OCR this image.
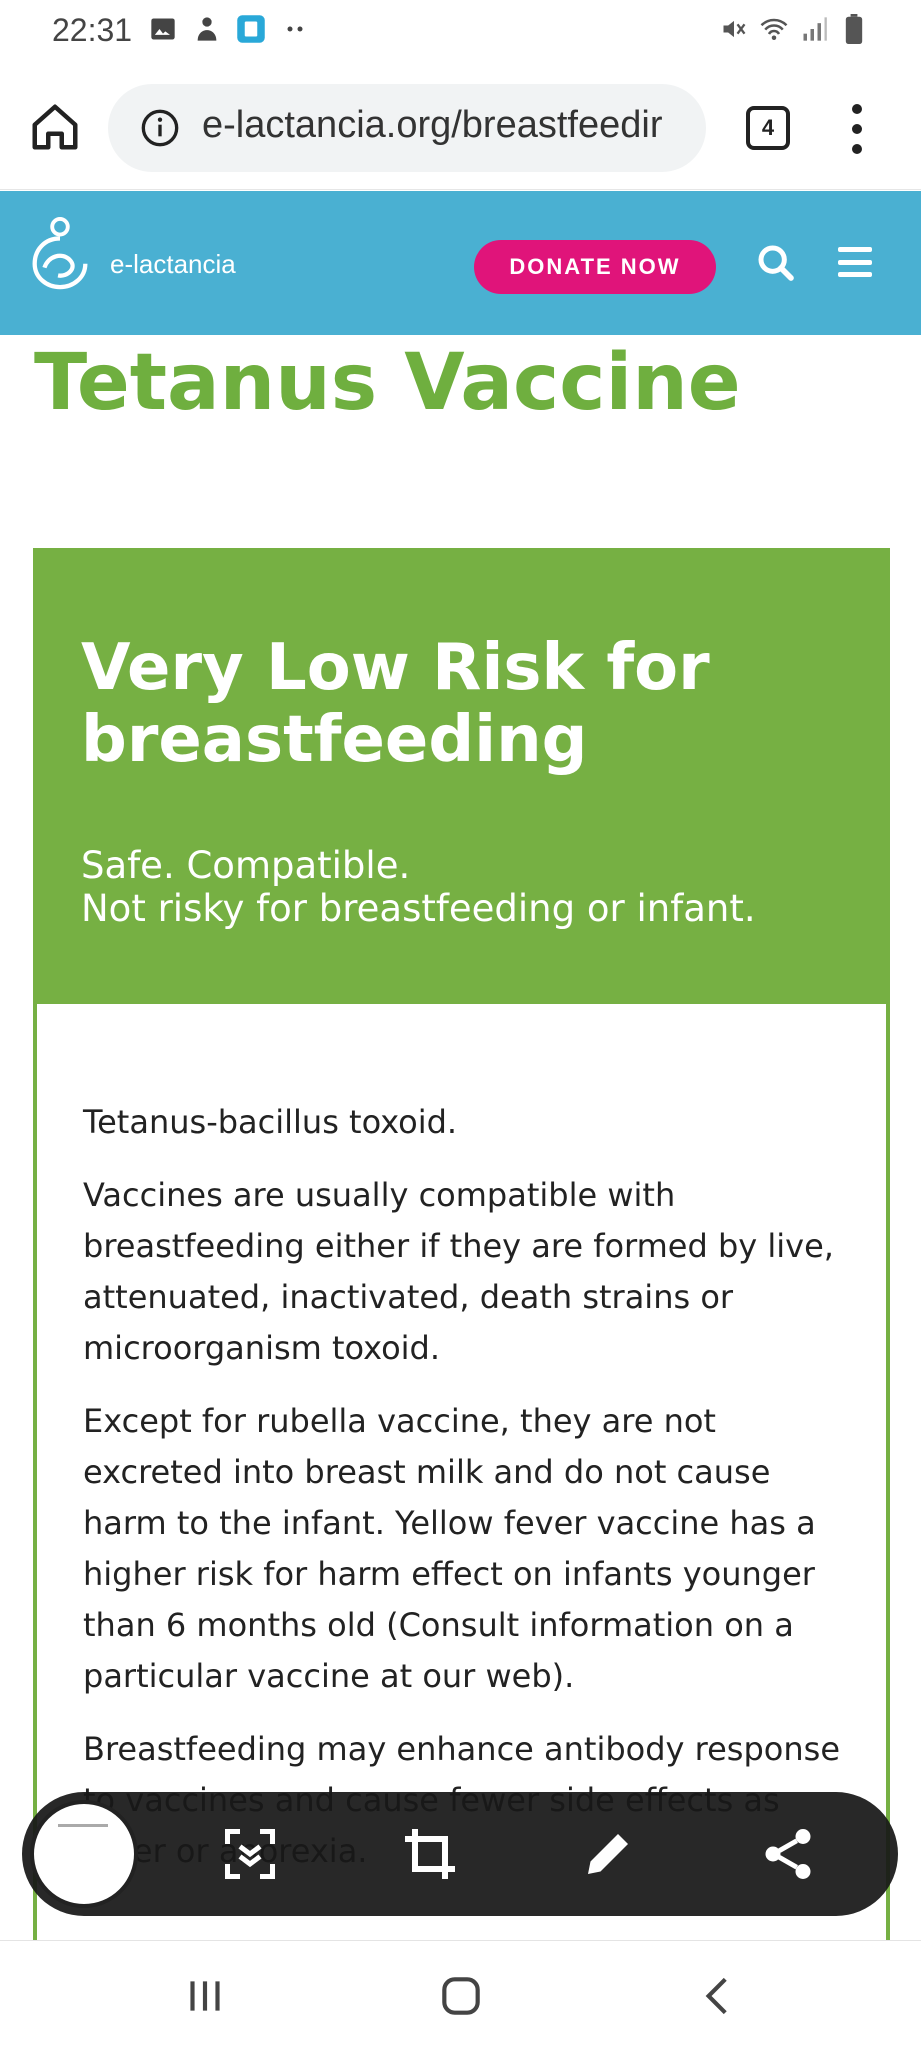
22:31
e-lactancia.org/breastfeedir	4
e-lactancia	DONATE NOW
Tetanus Vaccine
Very Low Risk for breastfeeding
Safe. Compatible.
Not risky for breastfeeding or infant.

Tetanus-bacillus toxoid.

Vaccines are usually compatible with breastfeeding either if they are formed by live, attenuated, inactivated, death strains or microorganism toxoid.

Except for rubella vaccine, they are not excreted into breast milk and do not cause harm to the infant. Yellow fever vaccine has a higher risk for harm effect on infants younger than 6 months old (Consult information on a particular vaccine at our web).

Breastfeeding may enhance antibody response
